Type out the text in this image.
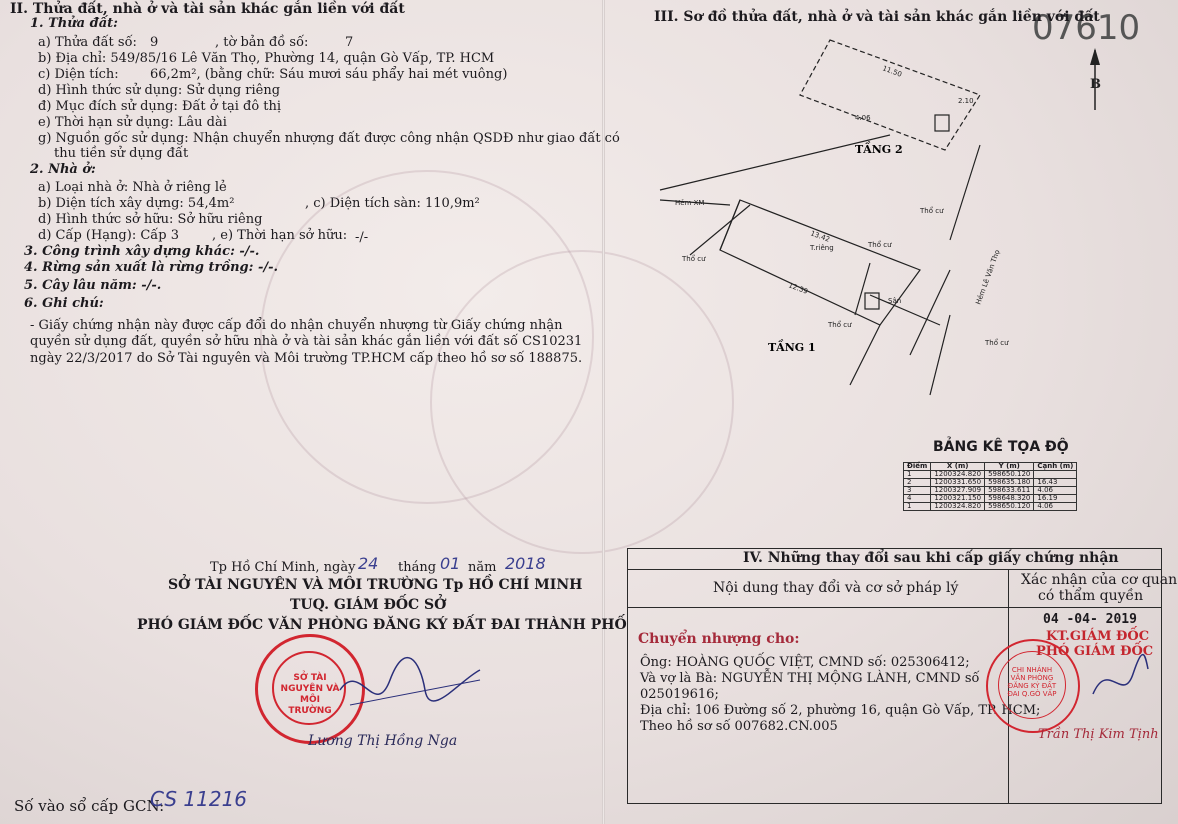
II. Thửa đất, nhà ở và tài sản khác gắn liền với đất
1. Thửa đất:
a) Thửa đất số: 9	, tờ bản đồ số:	7
b) Địa chỉ: 549/85/16 Lê Văn Thọ, Phường 14, quận Gò Vấp, TP. HCM
c) Diện tích: 66,2m², (bằng chữ: Sáu mươi sáu phẩy hai mét vuông)
d) Hình thức sử dụng: Sử dụng riêng
đ) Mục đích sử dụng: Đất ở tại đô thị
e) Thời hạn sử dụng: Lâu dài
g) Nguồn gốc sử dụng: Nhận chuyển nhượng đất được công nhận QSDĐ như giao đất có
thu tiền sử dụng đất
2. Nhà ở:
a) Loại nhà ở: Nhà ở riêng lẻ
b) Diện tích xây dựng: 54,4m²	, c) Diện tích sàn: 110,9m²
d) Hình thức sở hữu: Sở hữu riêng
d) Cấp (Hạng): Cấp 3	, e) Thời hạn sở hữu: -/-
3. Công trình xây dựng khác: -/-.
4. Rừng sản xuất là rừng trồng: -/-.
5. Cây lâu năm: -/-.
6. Ghi chú:
- Giấy chứng nhận này được cấp đổi do nhận chuyển nhượng từ Giấy chứng nhận
quyền sử dụng đất, quyền sở hữu nhà ở và tài sản khác gắn liền với đất số CS10231
ngày 22/3/2017 do Sở Tài nguyên và Môi trường TP.HCM cấp theo hồ sơ số 188875.
Tp Hồ Chí Minh, ngày 24 tháng 01 năm 2018
SỞ TÀI NGUYÊN VÀ MÔI TRƯỜNG Tp HỒ CHÍ MINH
TUQ. GIÁM ĐỐC SỞ
PHÓ GIÁM ĐỐC VĂN PHÒNG ĐĂNG KÝ ĐẤT ĐAI THÀNH PHỐ
SỞ TÀI NGUYÊN VÀ MÔI TRƯỜNG
Lương Thị Hồng Nga
Số vào sổ cấp GCN:
CS 11216
07610
III. Sơ đồ thửa đất, nhà ở và tài sản khác gắn liền với đất
TẦNG 2
TẦNG 1
Hẻm XM
Thổ cư
Thổ cư
Thổ cư
Thổ cư
Thổ cư
Sân
T.riêng
11.50
4.06
13.42
2.10
12.39	Hẻm Lê Văn Thọ
B
BẢNG KÊ TỌA ĐỘ
Điểm	X (m)	Y (m)	Cạnh (m)
1	1200324.820	598650.120	
2	1200331.650	598635.180	16.43
3	1200327.909	598633.611	4.06
4	1200321.150	598648.320	16.19
1	1200324.820	598650.120	4.06
IV. Những thay đổi sau khi cấp giấy chứng nhận
Nội dung thay đổi và cơ sở pháp lý	Xác nhận của cơ quan
có thẩm quyền
Chuyển nhượng cho:
Ông: HOÀNG QUỐC VIỆT, CMND số: 025306412;
Và vợ là Bà: NGUYỄN THỊ MỘNG LÀNH, CMND số
025019616;
Địa chỉ: 106 Đường số 2, phường 16, quận Gò Vấp, TP. HCM;
Theo hồ sơ số 007682.CN.005
04 -04- 2019
KT.GIÁM ĐỐC
PHÓ GIÁM ĐỐC
CHI NHÁNH VĂN PHÒNG ĐĂNG KÝ ĐẤT ĐAI Q.GÒ VẤP
Trần Thị Kim Tịnh
